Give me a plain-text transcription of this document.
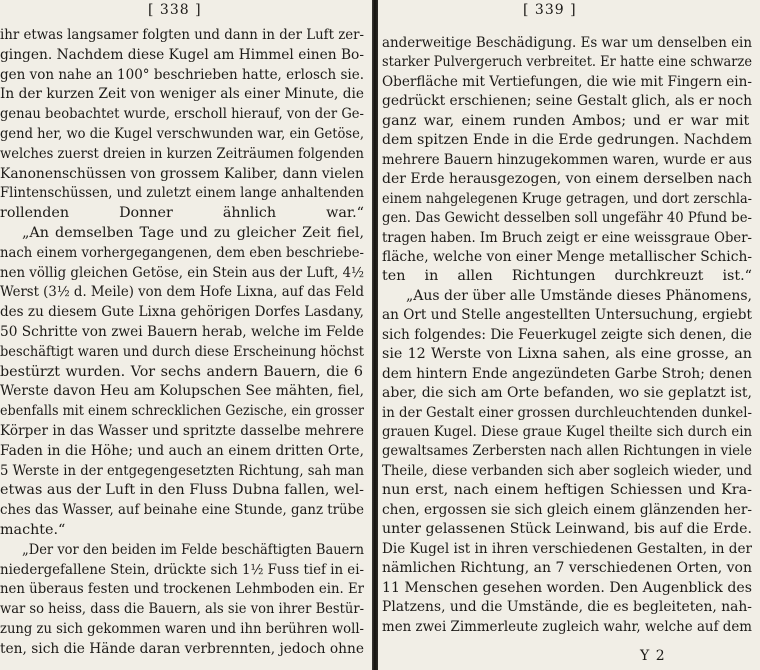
[ 338 ]
ihr etwas langsamer folgten und dann in der Luft zer-
gingen. Nachdem diese Kugel am Himmel einen Bo-
gen von nahe an 100° beschrieben hatte, erlosch sie.
In der kurzen Zeit von weniger als einer Minute, die
genau beobachtet wurde, erscholl hierauf, von der Ge-
gend her, wo die Kugel verschwunden war, ein Getöse,
welches zuerst dreien in kurzen Zeiträumen folgenden
Kanonenschüssen von grossem Kaliber, dann vielen
Flintenschüssen, und zuletzt einem lange anhaltenden
rollenden Donner ähnlich war.“
„An demselben Tage und zu gleicher Zeit fiel,
nach einem vorhergegangenen, dem eben beschriebe-
nen völlig gleichen Getöse, ein Stein aus der Luft, 4½
Werst (3½ d. Meile) von dem Hofe Lixna, auf das Feld
des zu diesem Gute Lixna gehörigen Dorfes Lasdany,
50 Schritte von zwei Bauern herab, welche im Felde
beschäftigt waren und durch diese Erscheinung höchst
bestürzt wurden. Vor sechs andern Bauern, die 6
Werste davon Heu am Kolupschen See mähten, fiel,
ebenfalls mit einem schrecklichen Gezische, ein grosser
Körper in das Wasser und spritzte dasselbe mehrere
Faden in die Höhe; und auch an einem dritten Orte,
5 Werste in der entgegengesetzten Richtung, sah man
etwas aus der Luft in den Fluss Dubna fallen, wel-
ches das Wasser, auf beinahe eine Stunde, ganz trübe
machte.“
„Der vor den beiden im Felde beschäftigten Bauern
niedergefallene Stein, drückte sich 1½ Fuss tief in ei-
nen überaus festen und trockenen Lehmboden ein. Er
war so heiss, dass die Bauern, als sie von ihrer Bestür-
zung zu sich gekommen waren und ihn berühren woll-
ten, sich die Hände daran verbrennten, jedoch ohne
[ 339 ]
anderweitige Beschädigung. Es war um denselben ein
starker Pulvergeruch verbreitet. Er hatte eine schwarze
Oberfläche mit Vertiefungen, die wie mit Fingern ein-
gedrückt erschienen; seine Gestalt glich, als er noch
ganz war, einem runden Ambos; und er war mit
dem spitzen Ende in die Erde gedrungen. Nachdem
mehrere Bauern hinzugekommen waren, wurde er aus
der Erde herausgezogen, von einem derselben nach
einem nahgelegenen Kruge getragen, und dort zerschla-
gen. Das Gewicht desselben soll ungefähr 40 Pfund be-
tragen haben. Im Bruch zeigt er eine weissgraue Ober-
fläche, welche von einer Menge metallischer Schich-
ten in allen Richtungen durchkreuzt ist.“
„Aus der über alle Umstände dieses Phänomens,
an Ort und Stelle angestellten Untersuchung, ergiebt
sich folgendes: Die Feuerkugel zeigte sich denen, die
sie 12 Werste von Lixna sahen, als eine grosse, an
dem hintern Ende angezündeten Garbe Stroh; denen
aber, die sich am Orte befanden, wo sie geplatzt ist,
in der Gestalt einer grossen durchleuchtenden dunkel-
grauen Kugel. Diese graue Kugel theilte sich durch ein
gewaltsames Zerbersten nach allen Richtungen in viele
Theile, diese verbanden sich aber sogleich wieder, und
nun erst, nach einem heftigen Schiessen und Kra-
chen, ergossen sie sich gleich einem glänzenden her-
unter gelassenen Stück Leinwand, bis auf die Erde.
Die Kugel ist in ihren verschiedenen Gestalten, in der
nämlichen Richtung, an 7 verschiedenen Orten, von
11 Menschen gesehen worden. Den Augenblick des
Platzens, und die Umstände, die es begleiteten, nah-
men zwei Zimmerleute zugleich wahr, welche auf dem
Y 2
